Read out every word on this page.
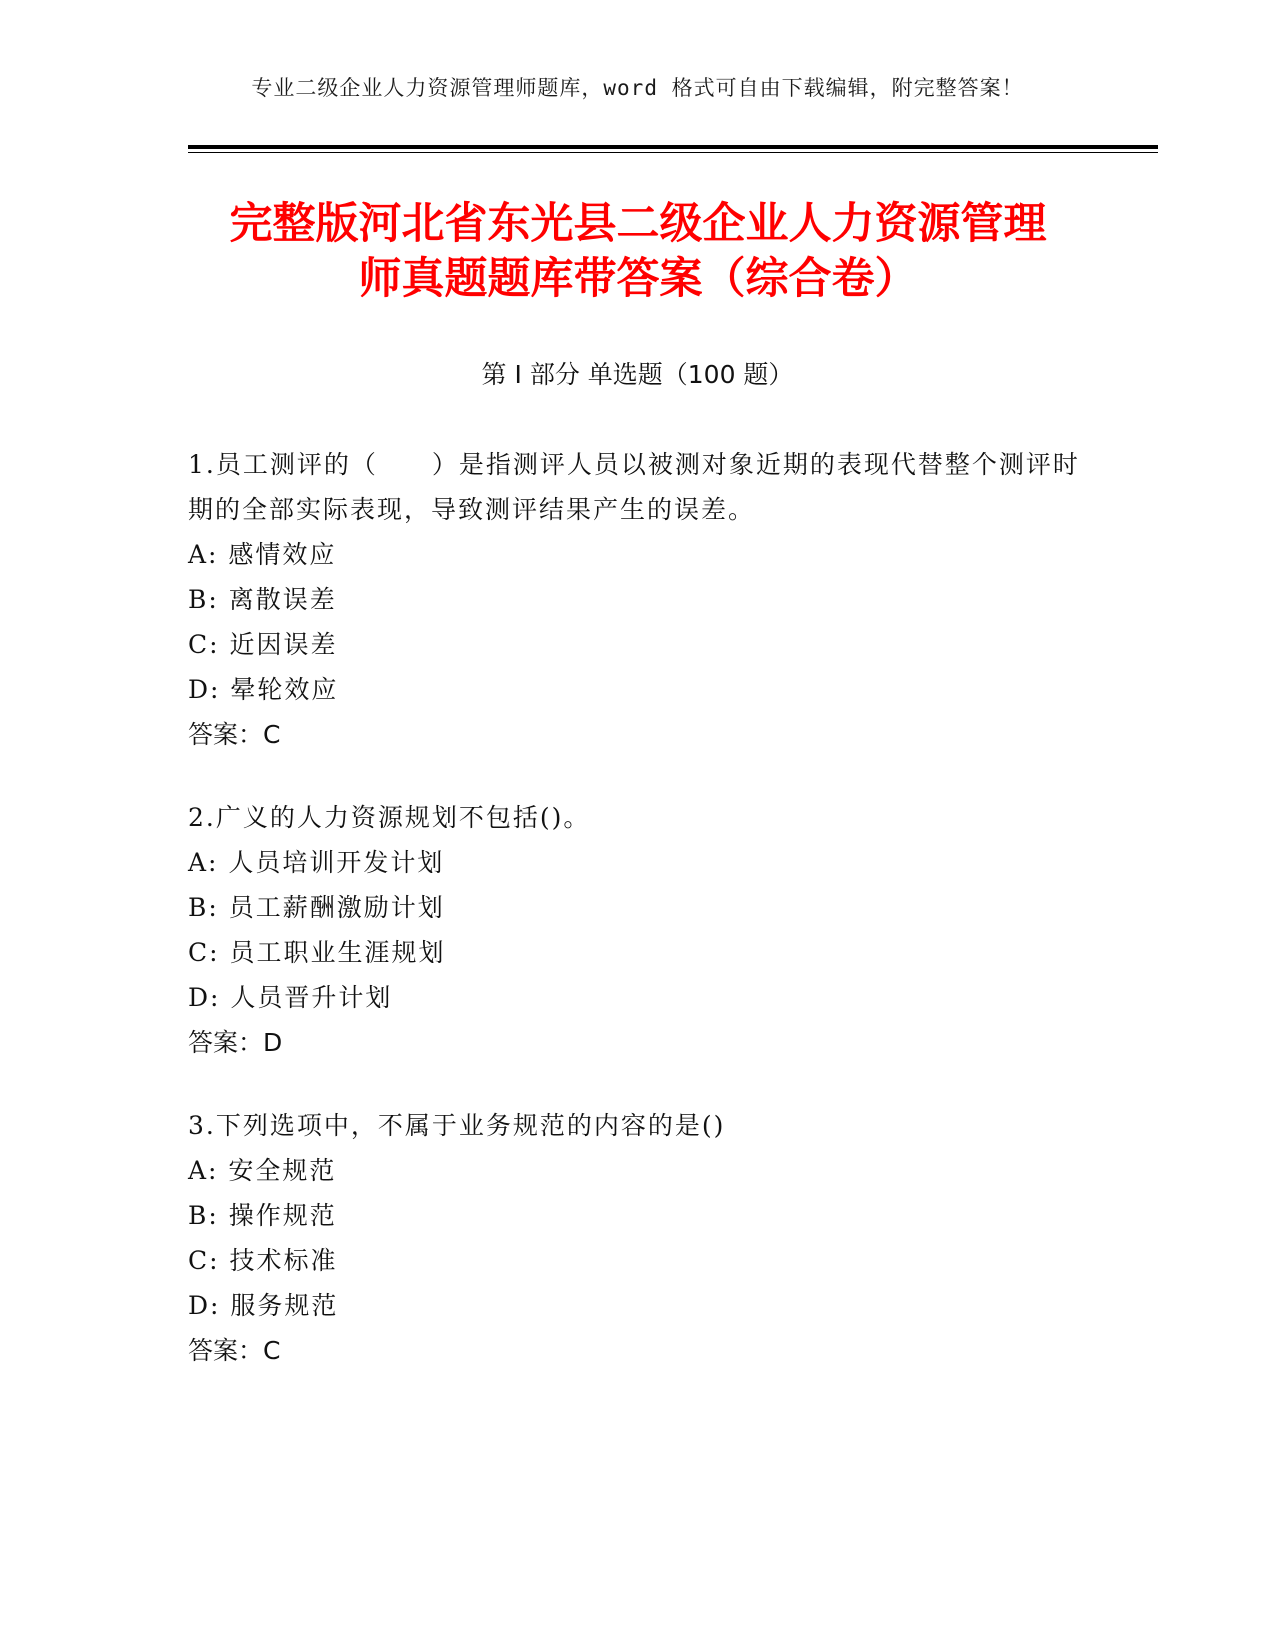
专业二级企业人力资源管理师题库，word 格式可自由下载编辑，附完整答案！
完整版河北省东光县二级企业人力资源管理
师真题题库带答案（综合卷）
第 I 部分 单选题（100 题）

1.员工测评的（　　）是指测评人员以被测对象近期的表现代替整个测评时期的全部实际表现，导致测评结果产生的误差。

A: 感情效应

B: 离散误差

C: 近因误差

D: 晕轮效应

答案：C

2.广义的人力资源规划不包括()。

A: 人员培训开发计划

B: 员工薪酬激励计划

C: 员工职业生涯规划

D: 人员晋升计划

答案：D

3.下列选项中，不属于业务规范的内容的是()

A: 安全规范

B: 操作规范

C: 技术标准

D: 服务规范

答案：C
